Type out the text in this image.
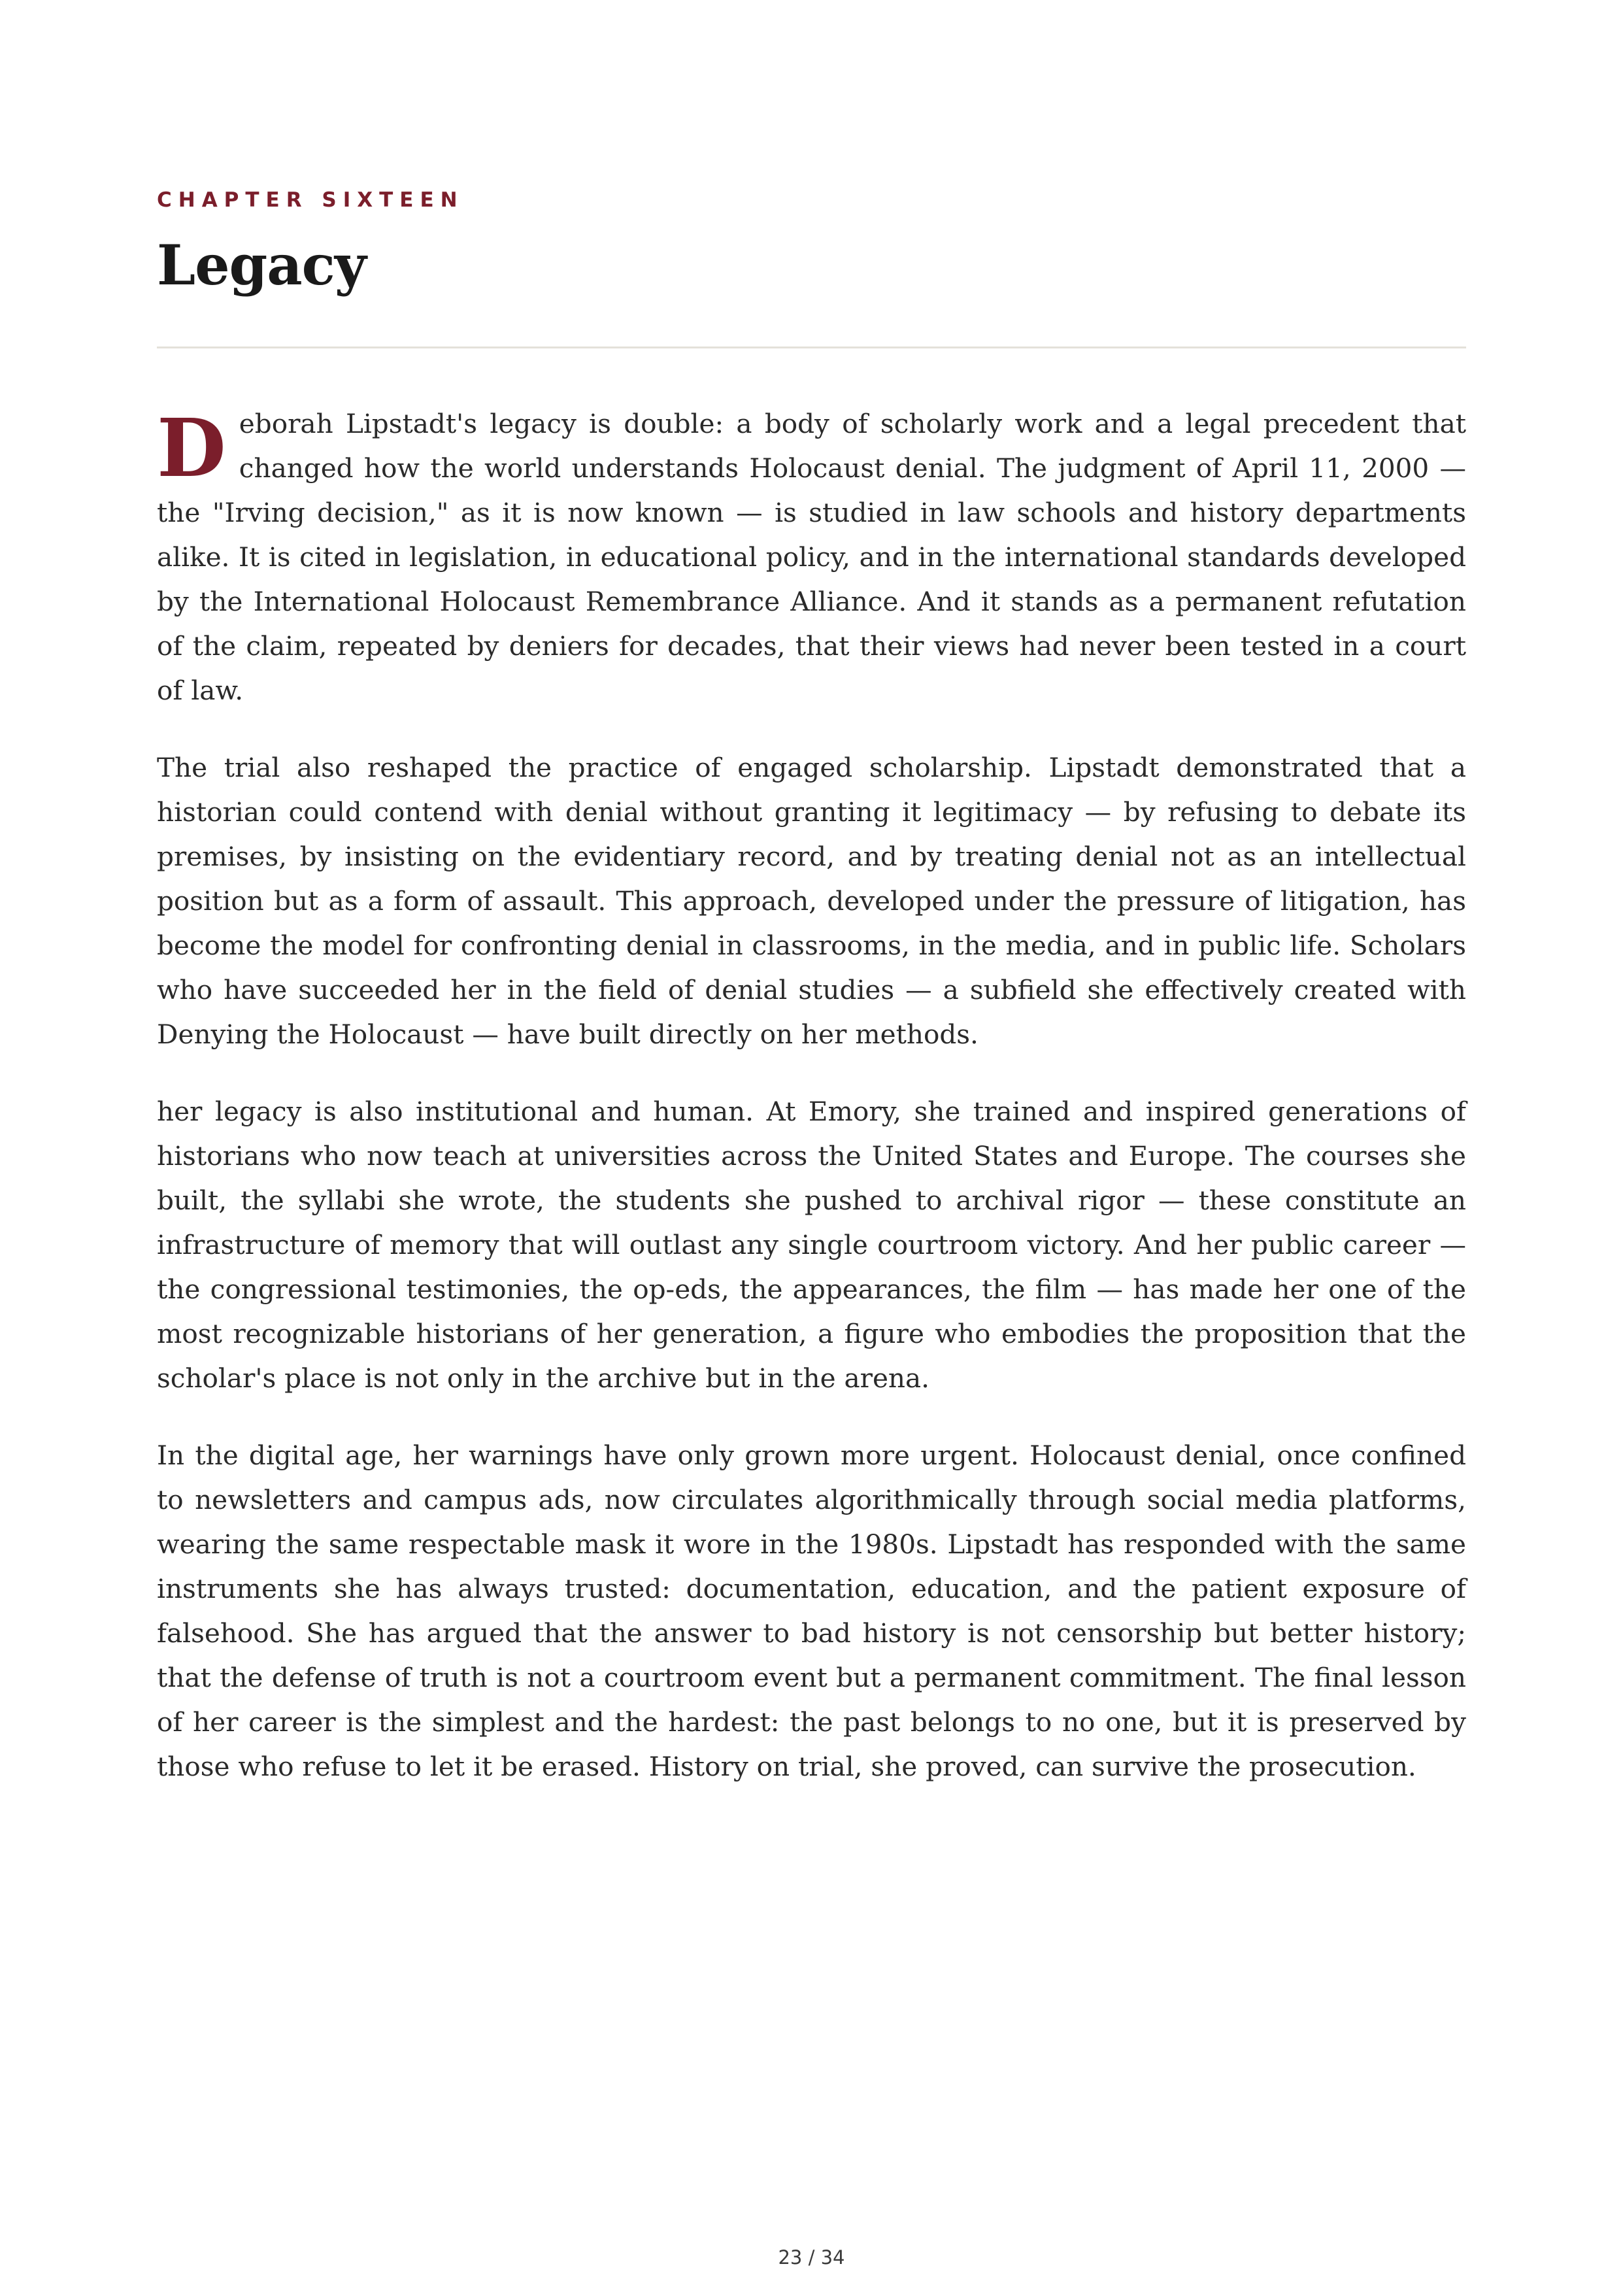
CHAPTER SIXTEEN
Legacy

Deborah Lipstadt's legacy is double: a body of scholarly work and a legal precedent that changed how the world understands Holocaust denial. The judgment of April 11, 2000 — the "Irving decision," as it is now known — is studied in law schools and history departments alike. It is cited in legislation, in educational policy, and in the international standards developed by the International Holocaust Remembrance Alliance. And it stands as a permanent refutation of the claim, repeated by deniers for decades, that their views had never been tested in a court of law.

The trial also reshaped the practice of engaged scholarship. Lipstadt demonstrated that a historian could contend with denial without granting it legitimacy — by refusing to debate its premises, by insisting on the evidentiary record, and by treating denial not as an intellectual position but as a form of assault. This approach, developed under the pressure of litigation, has become the model for confronting denial in classrooms, in the media, and in public life. Scholars who have succeeded her in the field of denial studies — a subfield she effectively created with Denying the Holocaust — have built directly on her methods.

her legacy is also institutional and human. At Emory, she trained and inspired generations of historians who now teach at universities across the United States and Europe. The courses she built, the syllabi she wrote, the students she pushed to archival rigor — these constitute an infrastructure of memory that will outlast any single courtroom victory. And her public career — the congressional testimonies, the op-eds, the appearances, the film — has made her one of the most recognizable historians of her generation, a figure who embodies the proposition that the scholar's place is not only in the archive but in the arena.

In the digital age, her warnings have only grown more urgent. Holocaust denial, once confined to newsletters and campus ads, now circulates algorithmically through social media platforms, wearing the same respectable mask it wore in the 1980s. Lipstadt has responded with the same instruments she has always trusted: documentation, education, and the patient exposure of falsehood. She has argued that the answer to bad history is not censorship but better history; that the defense of truth is not a courtroom event but a permanent commitment. The final lesson of her career is the simplest and the hardest: the past belongs to no one, but it is preserved by those who refuse to let it be erased. History on trial, she proved, can survive the prosecution.

23 / 34
